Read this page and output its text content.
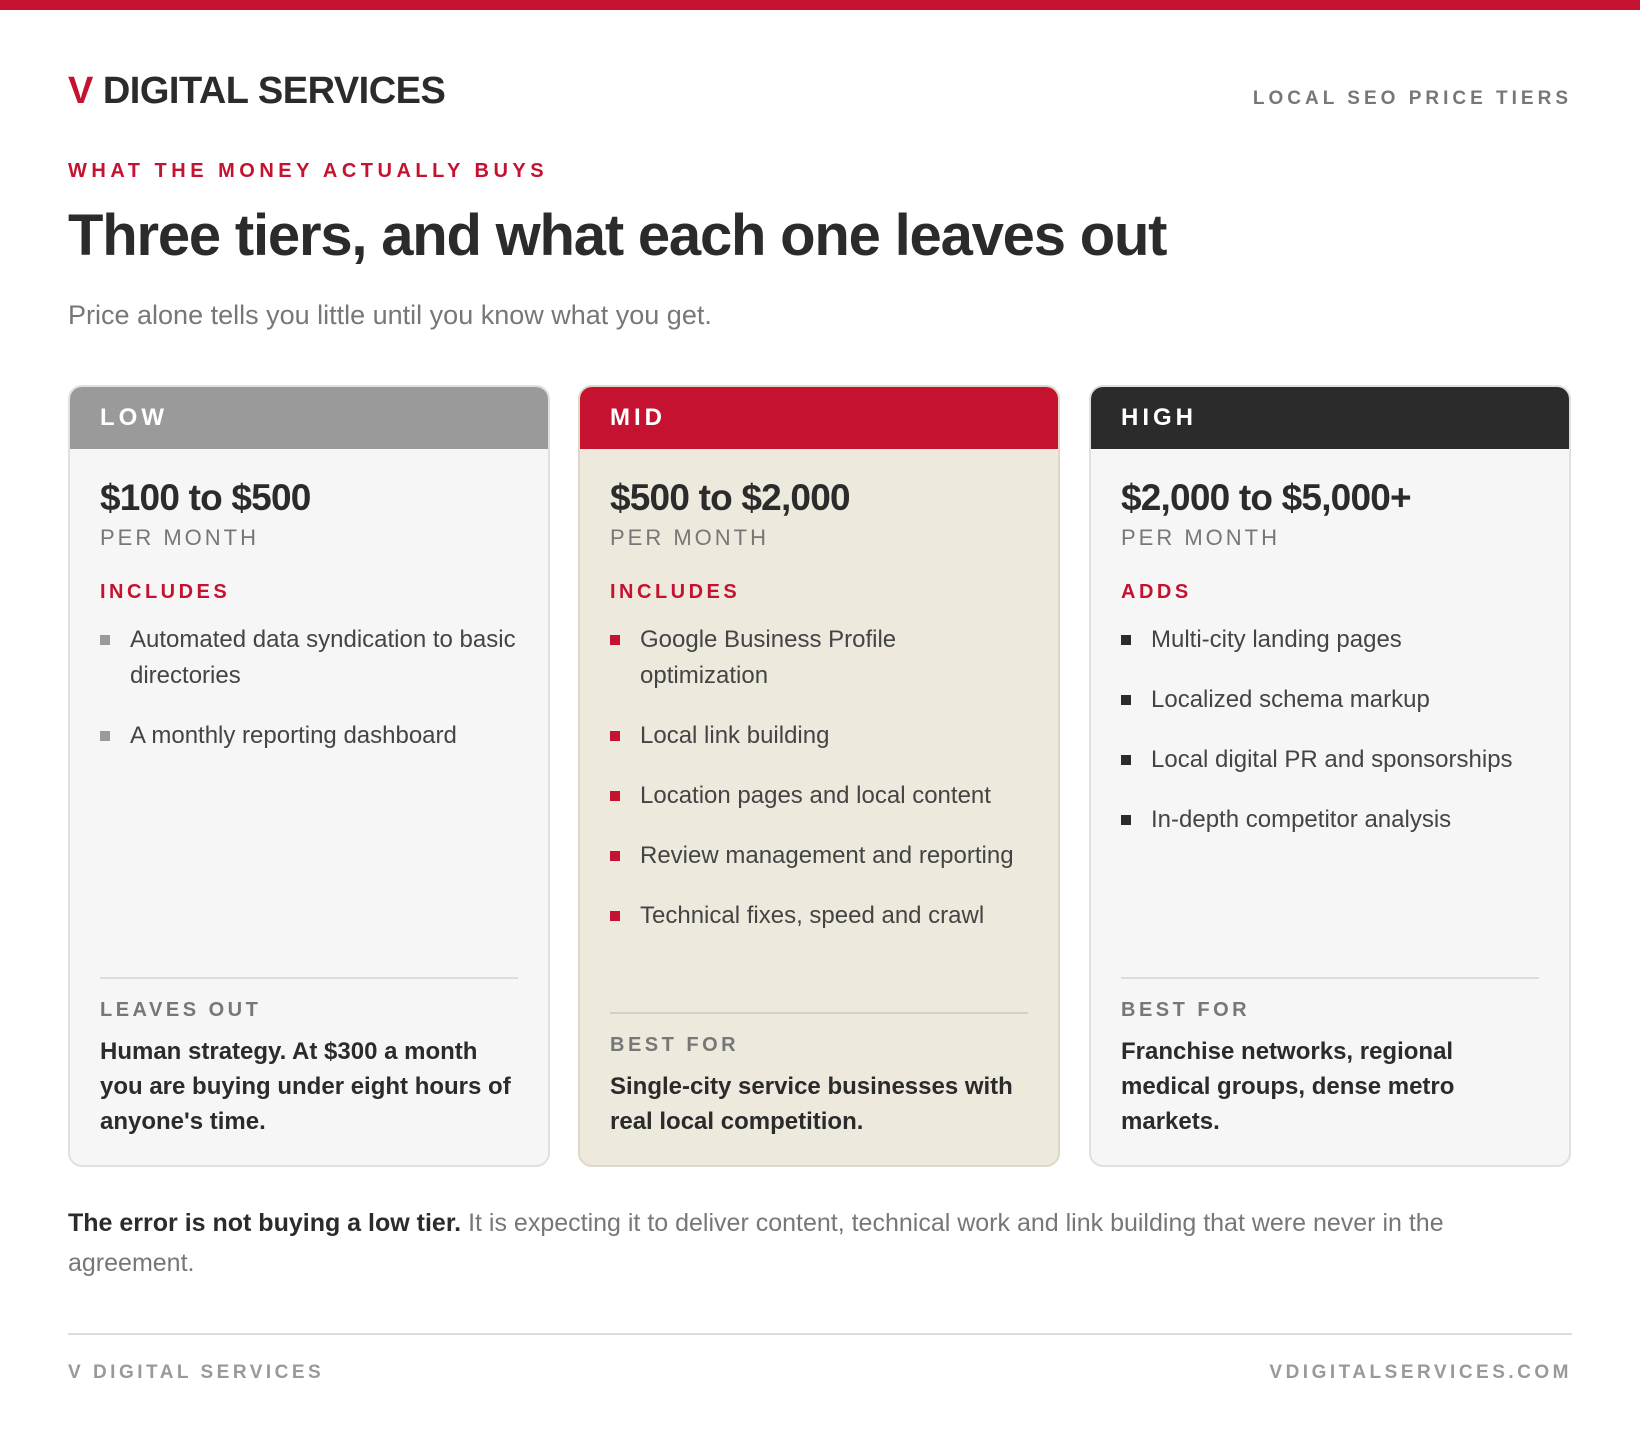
V DIGITAL SERVICES	LOCAL SEO PRICE TIERS
WHAT THE MONEY ACTUALLY BUYS
Three tiers, and what each one leaves out
Price alone tells you little until you know what you get.
LOW
$100 to $500
PER MONTH
INCLUDES
Automated data syndication to basic directories
A monthly reporting dashboard
LEAVES OUT
Human strategy. At $300 a month you are buying under eight hours of anyone's time.
MID
$500 to $2,000
PER MONTH
INCLUDES
Google Business Profile optimization
Local link building
Location pages and local content
Review management and reporting
Technical fixes, speed and crawl
BEST FOR
Single-city service businesses with real local competition.
HIGH
$2,000 to $5,000+
PER MONTH
ADDS
Multi-city landing pages
Localized schema markup
Local digital PR and sponsorships
In-depth competitor analysis
BEST FOR
Franchise networks, regional medical groups, dense metro markets.

The error is not buying a low tier. It is expecting it to deliver content, technical work and link building that were never in the agreement.

V DIGITAL SERVICES	VDIGITALSERVICES.COM
